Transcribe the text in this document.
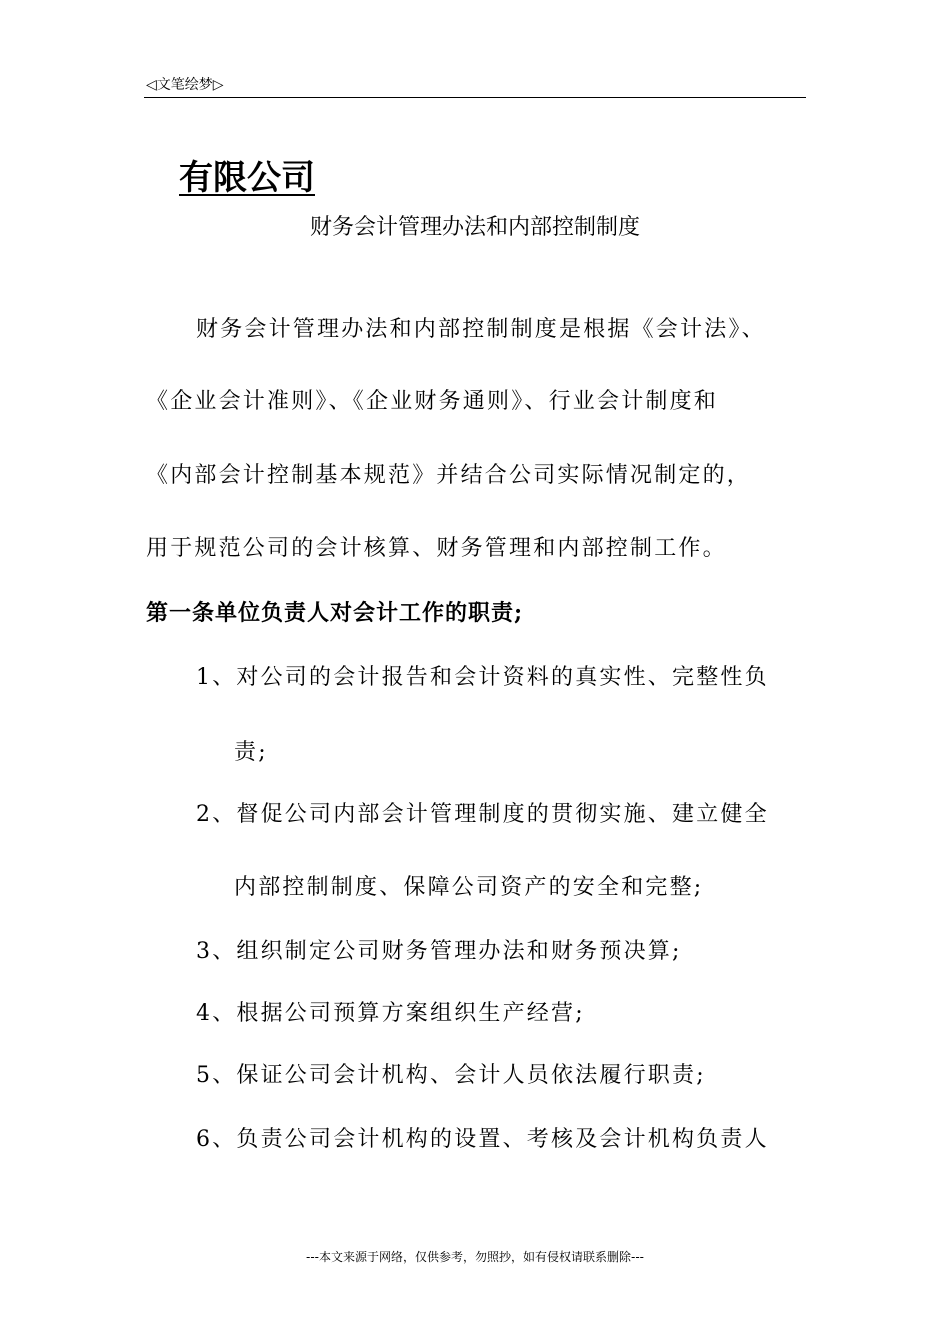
◁文笔绘梦▷
有限公司
财务会计管理办法和内部控制制度
财务会计管理办法和内部控制制度是根据《会计法》、
《企业会计准则》、《企业财务通则》、行业会计制度和
《内部会计控制基本规范》并结合公司实际情况制定的，
用于规范公司的会计核算、财务管理和内部控制工作。
第一条单位负责人对会计工作的职责;
1、对公司的会计报告和会计资料的真实性、完整性负
责;
2、督促公司内部会计管理制度的贯彻实施、建立健全
内部控制制度、保障公司资产的安全和完整;
3、组织制定公司财务管理办法和财务预决算;
4、根据公司预算方案组织生产经营;
5、保证公司会计机构、会计人员依法履行职责;
6、负责公司会计机构的设置、考核及会计机构负责人
---本文来源于网络，仅供参考，勿照抄，如有侵权请联系删除---
